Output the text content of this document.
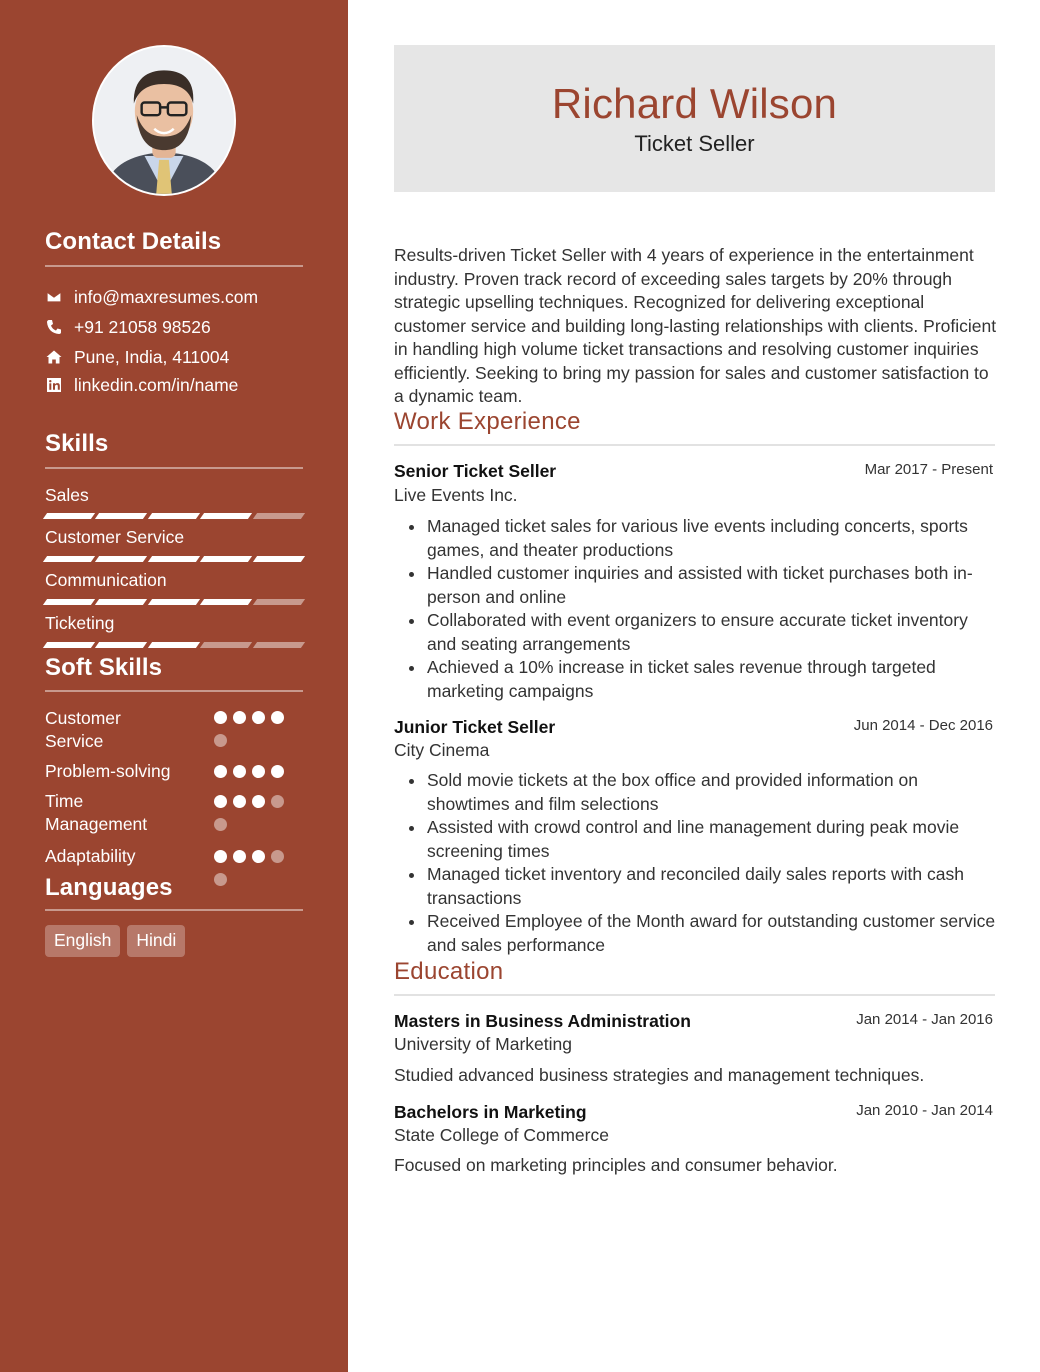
Contact Details
info@maxresumes.com
+91 21058 98526
Pune, India, 411004
linkedin.com/in/name
Skills
Sales
Customer Service
Communication
Ticketing
Soft Skills
Customer Service
Problem-solving
Time Management
Adaptability
Languages
English	Hindi
Richard Wilson
Ticket Seller
Results-driven Ticket Seller with 4 years of experience in the entertainment industry. Proven track record of exceeding sales targets by 20% through strategic upselling techniques. Recognized for delivering exceptional customer service and building long-lasting relationships with clients. Proficient in handling high volume ticket transactions and resolving customer inquiries efficiently. Seeking to bring my passion for sales and customer satisfaction to a dynamic team.
Work Experience
Senior Ticket Seller	Mar 2017 - Present
Live Events Inc.
Managed ticket sales for various live events including concerts, sports games, and theater productions
Handled customer inquiries and assisted with ticket purchases both in-person and online
Collaborated with event organizers to ensure accurate ticket inventory and seating arrangements
Achieved a 10% increase in ticket sales revenue through targeted marketing campaigns
Junior Ticket Seller	Jun 2014 - Dec 2016
City Cinema
Sold movie tickets at the box office and provided information on showtimes and film selections
Assisted with crowd control and line management during peak movie screening times
Managed ticket inventory and reconciled daily sales reports with cash transactions
Received Employee of the Month award for outstanding customer service and sales performance
Education
Masters in Business Administration	Jan 2014 - Jan 2016
University of Marketing
Studied advanced business strategies and management techniques.
Bachelors in Marketing	Jan 2010 - Jan 2014
State College of Commerce
Focused on marketing principles and consumer behavior.
